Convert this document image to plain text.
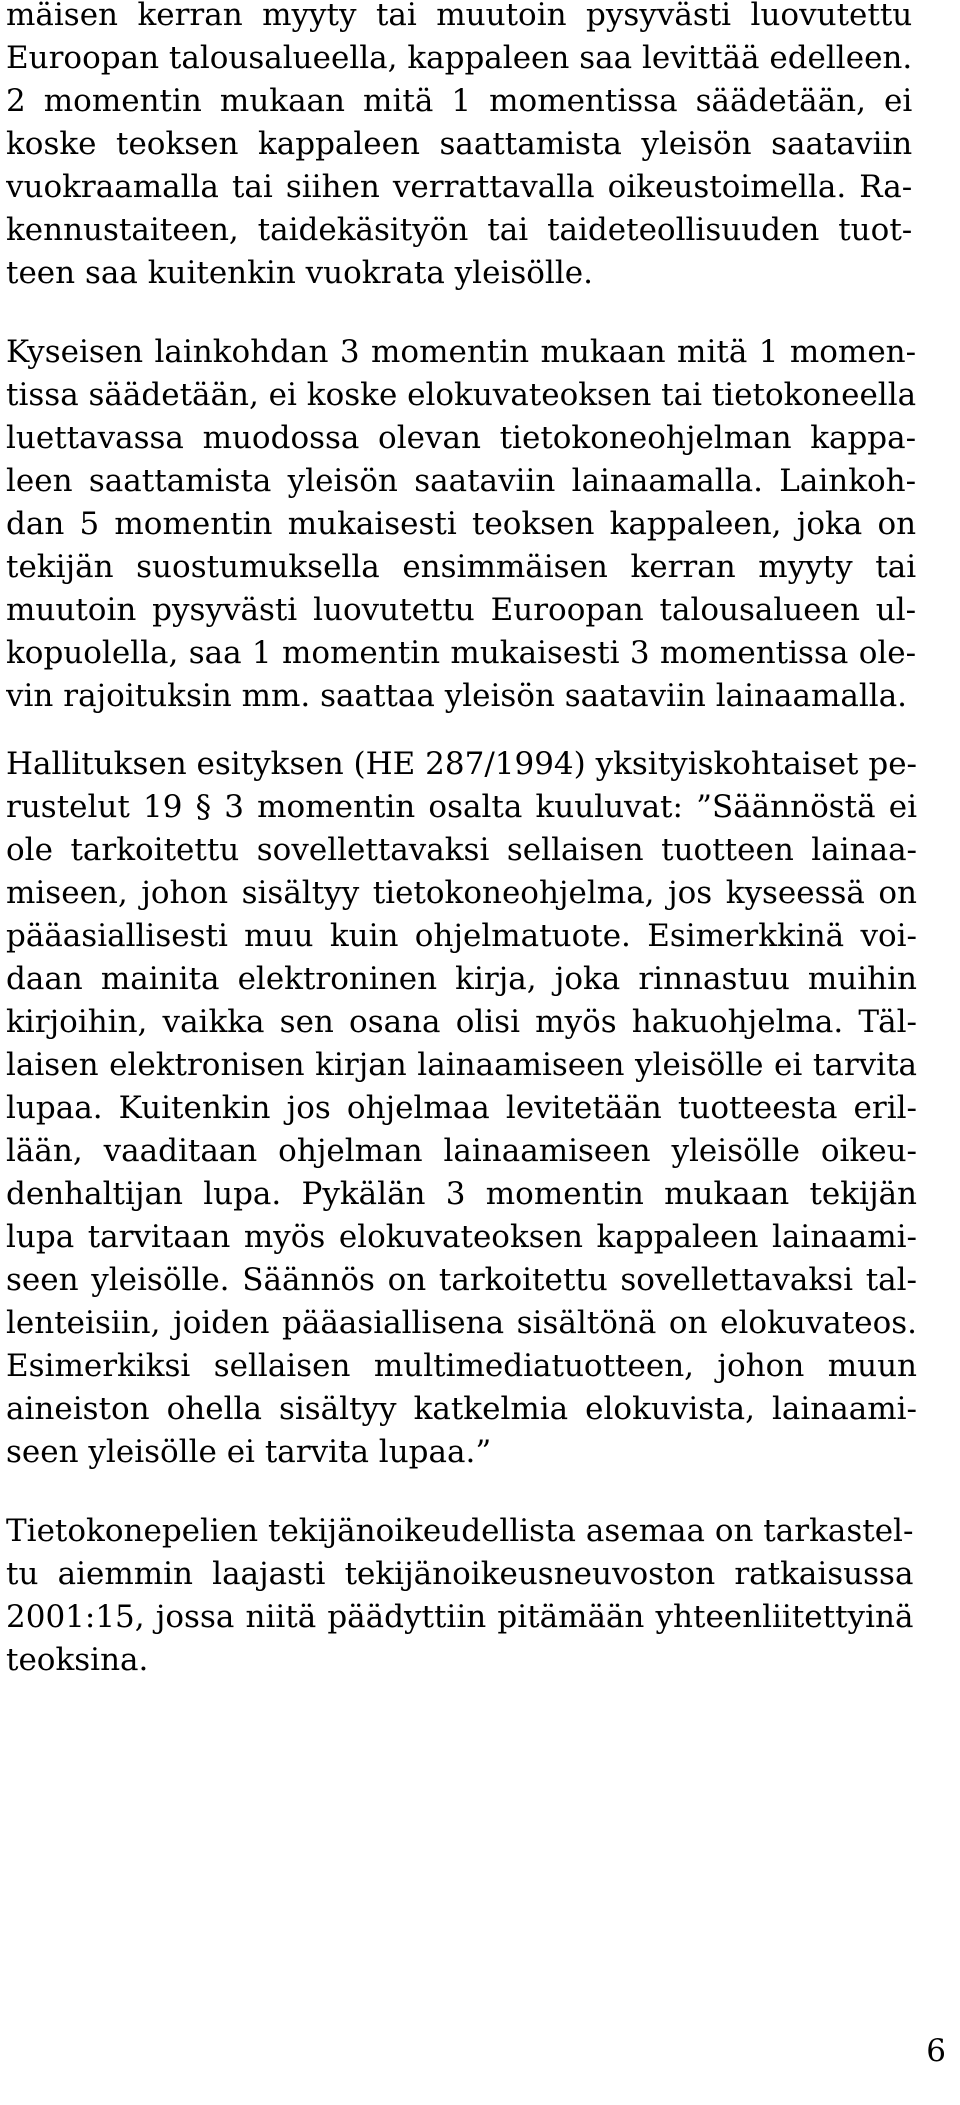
mäisen kerran myyty tai muutoin pysyvästi luovutettu
Euroopan talousalueella, kappaleen saa levittää edelleen.
2 momentin mukaan mitä 1 momentissa säädetään, ei
koske teoksen kappaleen saattamista yleisön saataviin
vuokraamalla tai siihen verrattavalla oikeustoimella. Ra-
kennustaiteen, taidekäsityön tai taideteollisuuden tuot-
teen saa kuitenkin vuokrata yleisölle.
Kyseisen lainkohdan 3 momentin mukaan mitä 1 momen-
tissa säädetään, ei koske elokuvateoksen tai tietokoneella
luettavassa muodossa olevan tietokoneohjelman kappa-
leen saattamista yleisön saataviin lainaamalla. Lainkoh-
dan 5 momentin mukaisesti teoksen kappaleen, joka on
tekijän suostumuksella ensimmäisen kerran myyty tai
muutoin pysyvästi luovutettu Euroopan talousalueen ul-
kopuolella, saa 1 momentin mukaisesti 3 momentissa ole-
vin rajoituksin mm. saattaa yleisön saataviin lainaamalla.
Hallituksen esityksen (HE 287/1994) yksityiskohtaiset pe-
rustelut 19 § 3 momentin osalta kuuluvat: ”Säännöstä ei
ole tarkoitettu sovellettavaksi sellaisen tuotteen lainaa-
miseen, johon sisältyy tietokoneohjelma, jos kyseessä on
pääasiallisesti muu kuin ohjelmatuote. Esimerkkinä voi-
daan mainita elektroninen kirja, joka rinnastuu muihin
kirjoihin, vaikka sen osana olisi myös hakuohjelma. Täl-
laisen elektronisen kirjan lainaamiseen yleisölle ei tarvita
lupaa. Kuitenkin jos ohjelmaa levitetään tuotteesta eril-
lään, vaaditaan ohjelman lainaamiseen yleisölle oikeu-
denhaltijan lupa. Pykälän 3 momentin mukaan tekijän
lupa tarvitaan myös elokuvateoksen kappaleen lainaami-
seen yleisölle. Säännös on tarkoitettu sovellettavaksi tal-
lenteisiin, joiden pääasiallisena sisältönä on elokuvateos.
Esimerkiksi sellaisen multimediatuotteen, johon muun
aineiston ohella sisältyy katkelmia elokuvista, lainaami-
seen yleisölle ei tarvita lupaa.”
Tietokonepelien tekijänoikeudellista asemaa on tarkastel-
tu aiemmin laajasti tekijänoikeusneuvoston ratkaisussa
2001:15, jossa niitä päädyttiin pitämään yhteenliitettyinä
teoksina.
6
